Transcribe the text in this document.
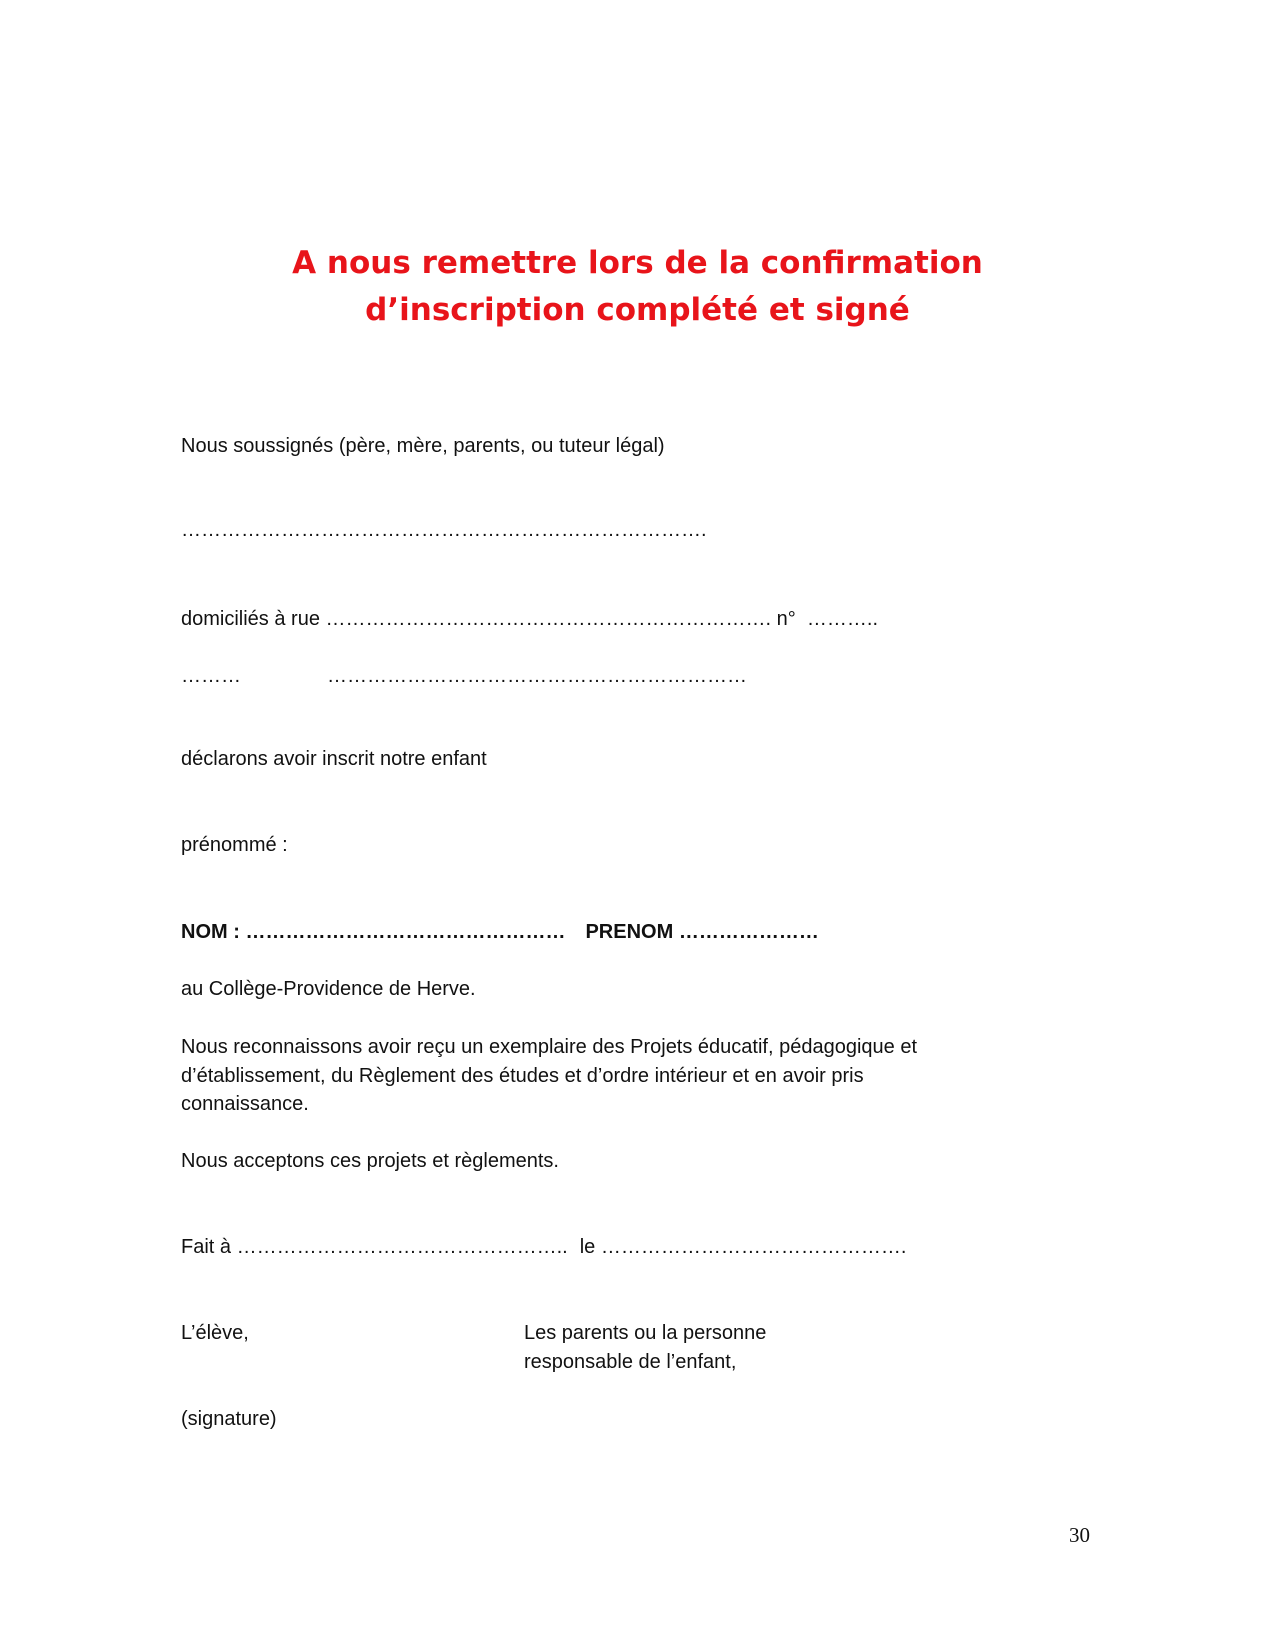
A nous remettre lors de la confirmation
d’inscription complété et signé
Nous soussignés (père, mère, parents, ou tuteur légal)
…………………………………………………………………….
domiciliés à rue …………………………………………………………. n° ………..
………	………………………………………………………
déclarons avoir inscrit notre enfant
prénommé :
NOM : ………………………………………… PRENOM …………………
au Collège-Providence de Herve.
Nous reconnaissons avoir reçu un exemplaire des Projets éducatif, pédagogique et d’établissement, du Règlement des études et d’ordre intérieur et en avoir pris connaissance.
Nous acceptons ces projets et règlements.
Fait à ………………………………………….. le ……………………………………….
L’élève,	Les parents ou la personne
responsable de l’enfant,
(signature)
30
